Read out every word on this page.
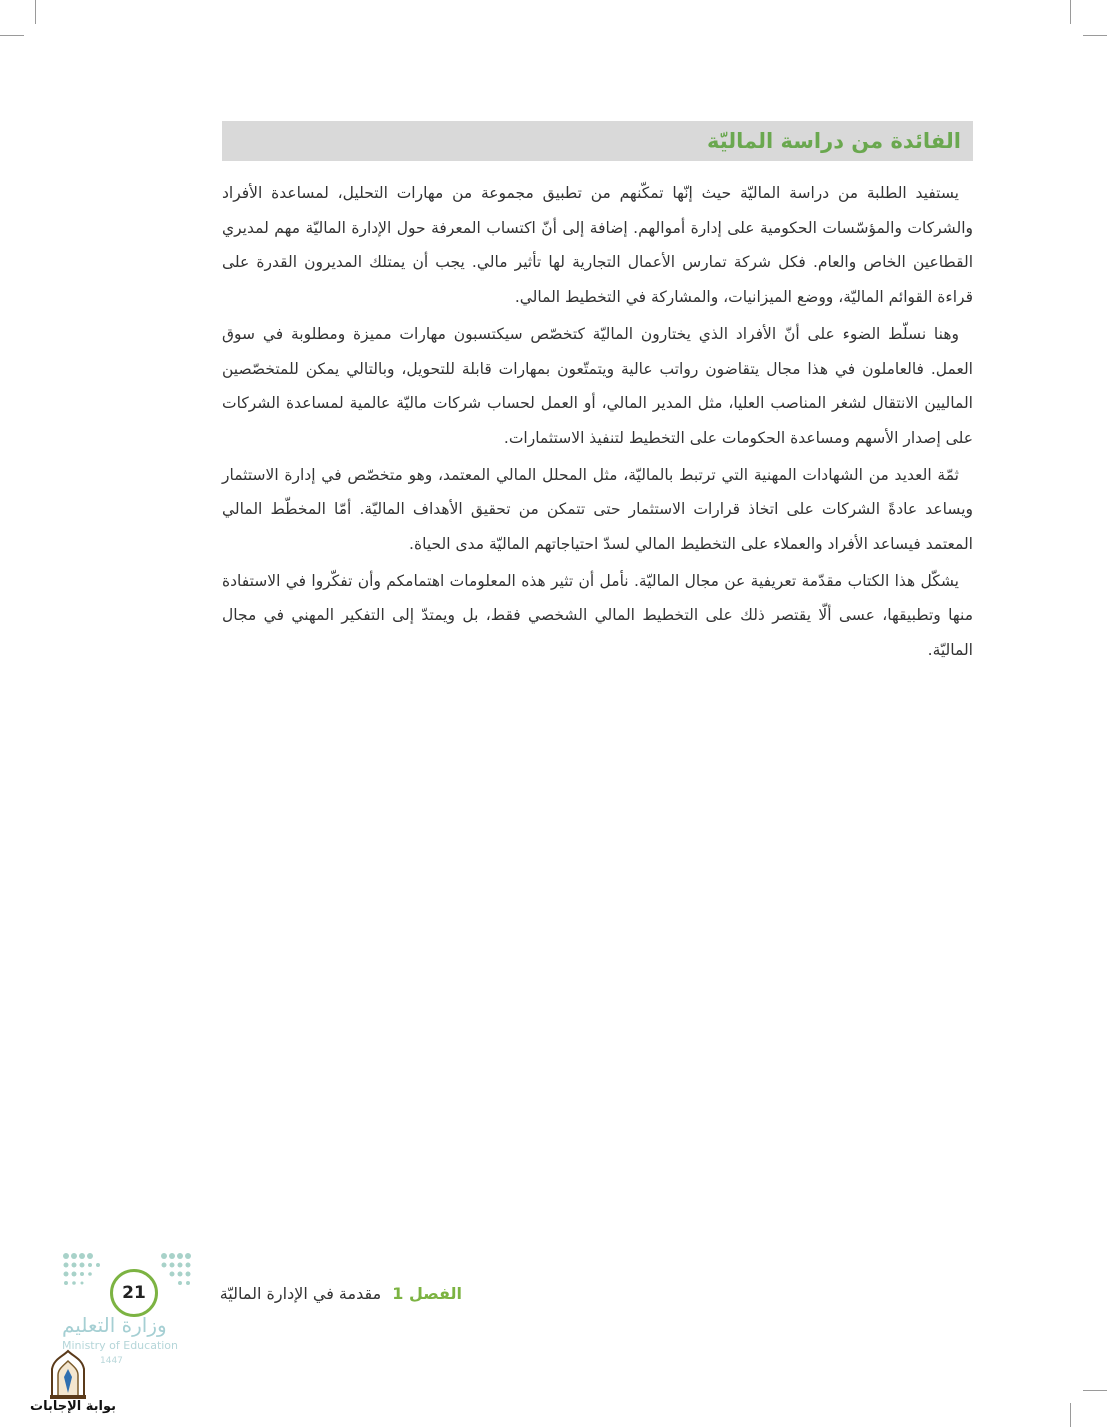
الفائدة من دراسة الماليّة

يستفيد الطلبة من دراسة الماليّة حيث إنّها تمكّنهم من تطبيق مجموعة من مهارات التحليل، لمساعدة الأفراد والشركات والمؤسّسات الحكومية على إدارة أموالهم. إضافة إلى أنّ اكتساب المعرفة حول الإدارة الماليّة مهم لمديري القطاعين الخاص والعام. فكل شركة تمارس الأعمال التجارية لها تأثير مالي. يجب أن يمتلك المديرون القدرة على قراءة القوائم الماليّة، ووضع الميزانيات، والمشاركة في التخطيط المالي.

وهنا نسلّط الضوء على أنّ الأفراد الذي يختارون الماليّة كتخصّص سيكتسبون مهارات مميزة ومطلوبة في سوق العمل. فالعاملون في هذا مجال يتقاضون رواتب عالية ويتمتّعون بمهارات قابلة للتحويل، وبالتالي يمكن للمتخصّصين الماليين الانتقال لشغر المناصب العليا، مثل المدير المالي، أو العمل لحساب شركات ماليّة عالمية لمساعدة الشركات على إصدار الأسهم ومساعدة الحكومات على التخطيط لتنفيذ الاستثمارات.

ثمّة العديد من الشهادات المهنية التي ترتبط بالماليّة، مثل المحلل المالي المعتمد، وهو متخصّص في إدارة الاستثمار ويساعد عادةً الشركات على اتخاذ قرارات الاستثمار حتى تتمكن من تحقيق الأهداف الماليّة. أمّا المخطّط المالي المعتمد فيساعد الأفراد والعملاء على التخطيط المالي لسدّ احتياجاتهم الماليّة مدى الحياة.

يشكّل هذا الكتاب مقدّمة تعريفية عن مجال الماليّة. نأمل أن تثير هذه المعلومات اهتمامكم وأن تفكّروا في الاستفادة منها وتطبيقها، عسى ألّا يقتصر ذلك على التخطيط المالي الشخصي فقط، بل ويمتدّ إلى التفكير المهني في مجال الماليّة.

21	الفصل 1 مقدمة في الإدارة الماليّة
وزارة التعليم
Ministry of Education
1447
بوابة الإجابات
